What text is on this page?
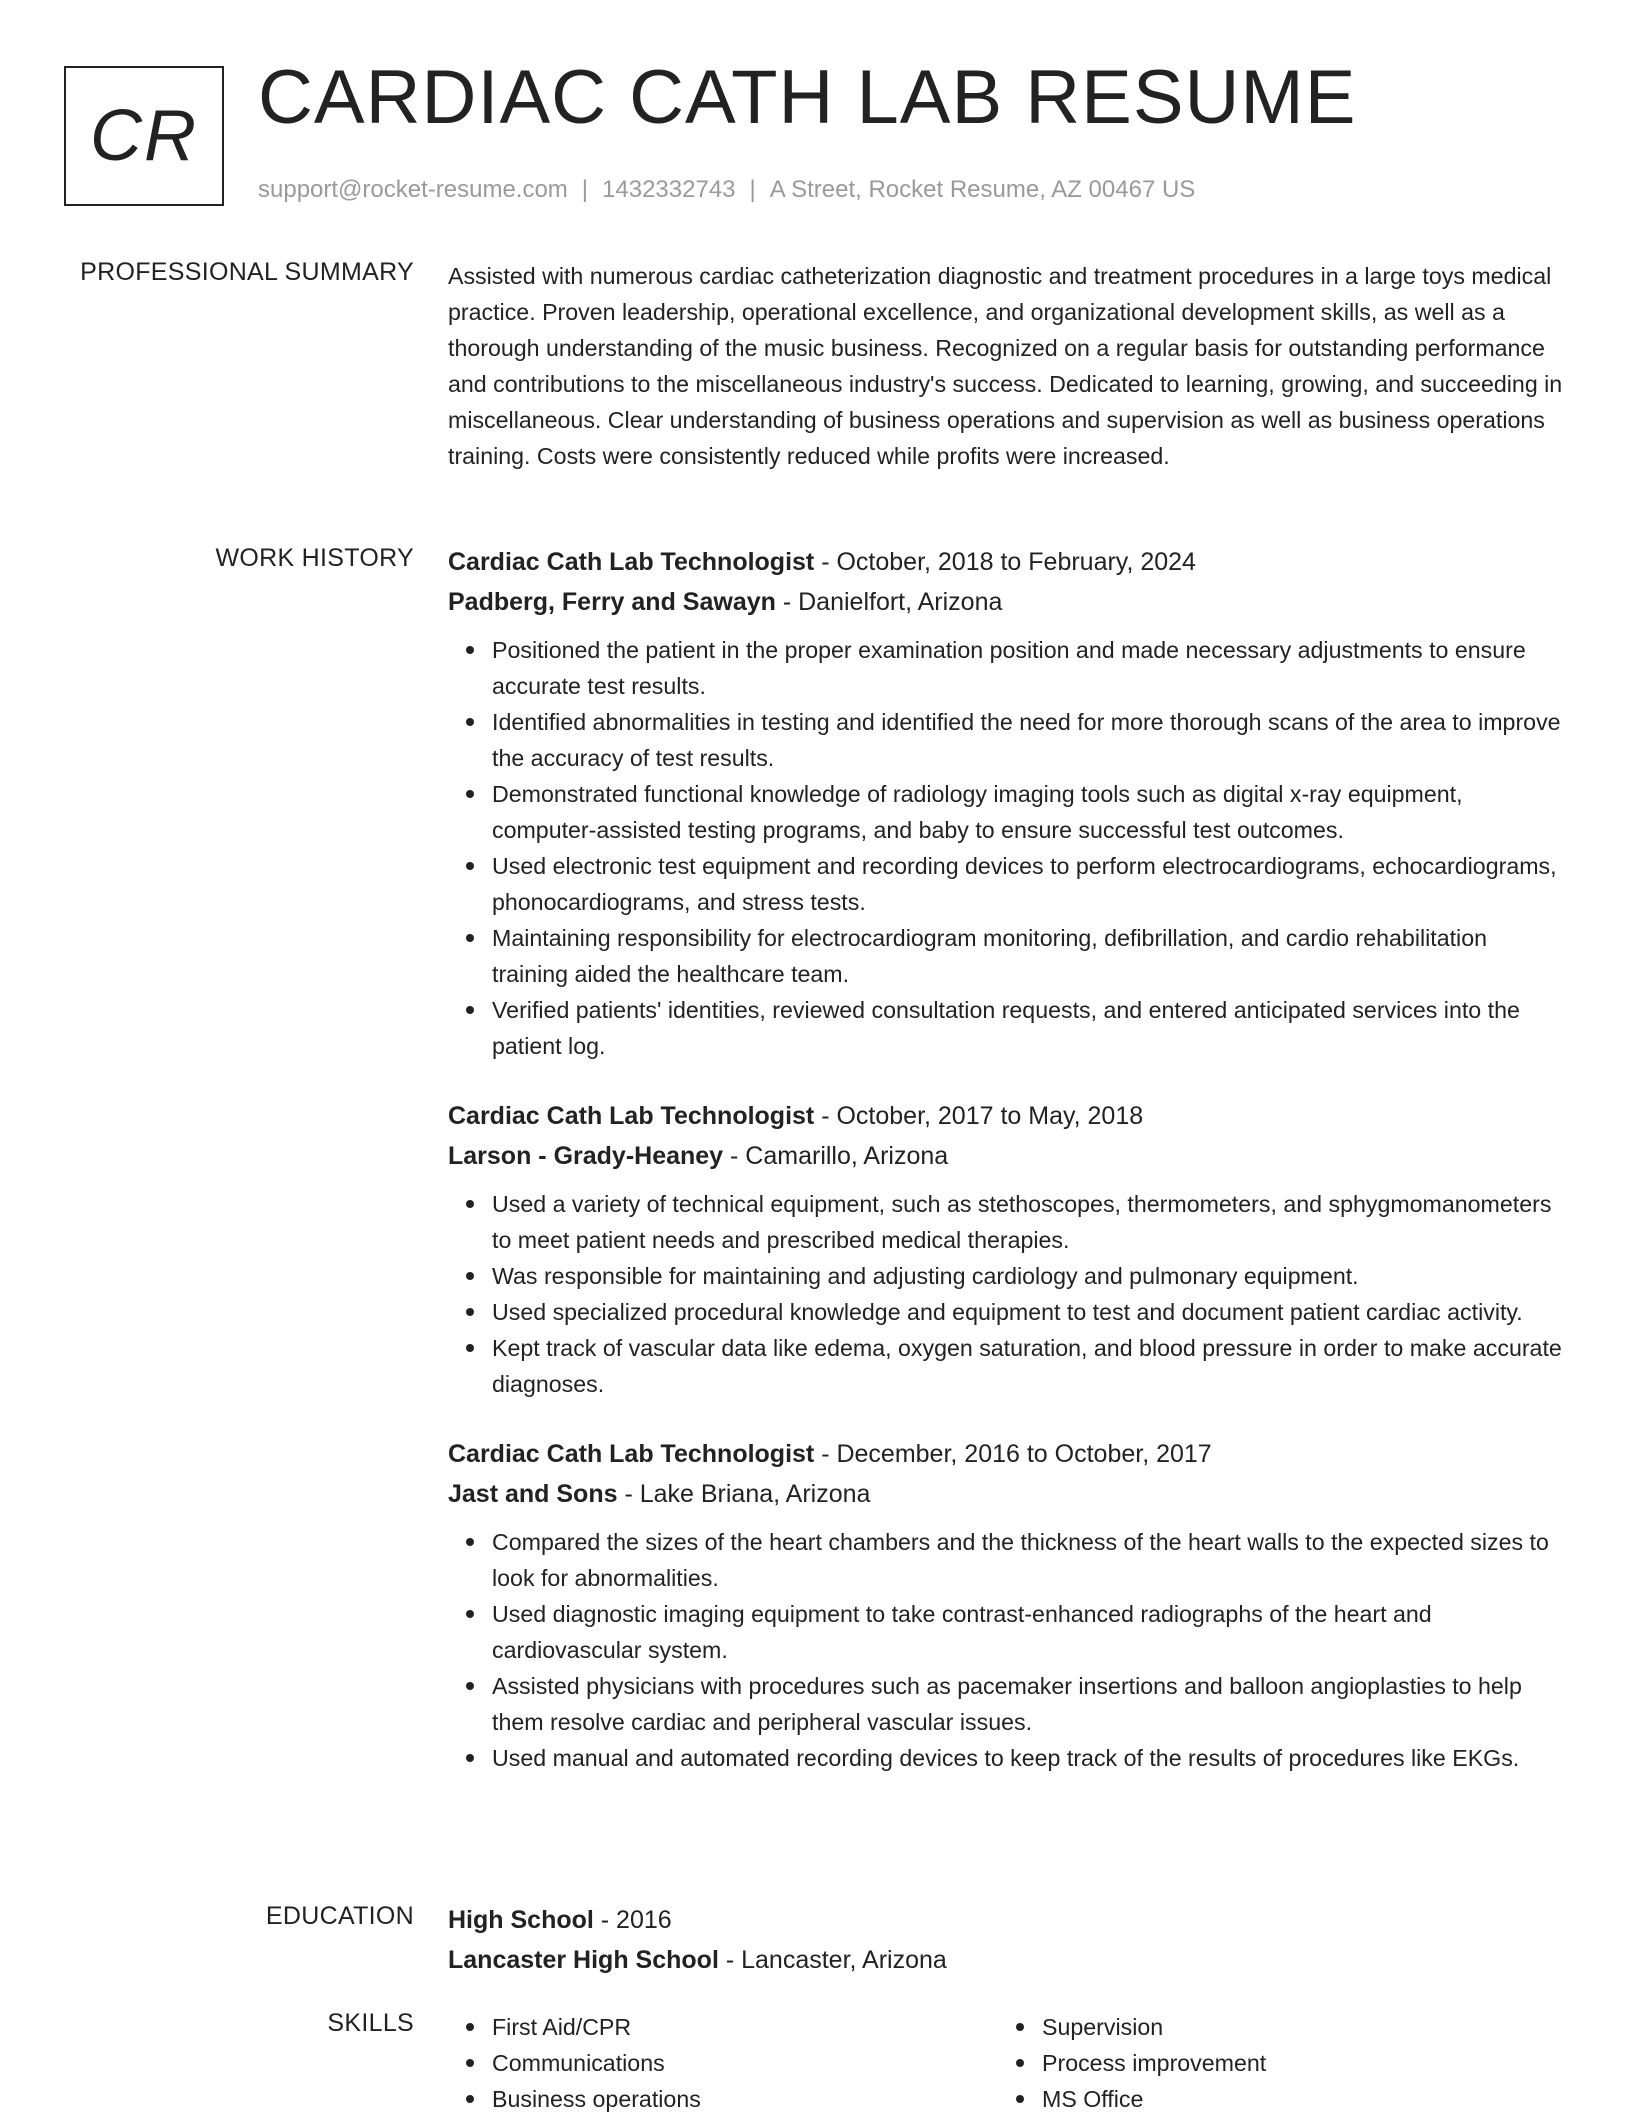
CR CARDIAC CATH LAB RESUME
support@rocket-resume.com | 1432332743 | A Street, Rocket Resume, AZ 00467 US
PROFESSIONAL SUMMARY Assisted with numerous cardiac catheterization diagnostic and treatment procedures in a large toys medical practice. Proven leadership, operational excellence, and organizational development skills, as well as a thorough understanding of the music business. Recognized on a regular basis for outstanding performance and contributions to the miscellaneous industry's success. Dedicated to learning, growing, and succeeding in miscellaneous. Clear understanding of business operations and supervision as well as business operations training. Costs were consistently reduced while profits were increased.

WORK HISTORY Cardiac Cath Lab Technologist - October, 2018 to February, 2024
Padberg, Ferry and Sawayn - Danielfort, Arizona
Positioned the patient in the proper examination position and made necessary adjustments to ensure accurate test results.
Identified abnormalities in testing and identified the need for more thorough scans of the area to improve the accuracy of test results.
Demonstrated functional knowledge of radiology imaging tools such as digital x-ray equipment, computer-assisted testing programs, and baby to ensure successful test outcomes.
Used electronic test equipment and recording devices to perform electrocardiograms, echocardiograms, phonocardiograms, and stress tests.
Maintaining responsibility for electrocardiogram monitoring, defibrillation, and cardio rehabilitation training aided the healthcare team.
Verified patients' identities, reviewed consultation requests, and entered anticipated services into the patient log.
Cardiac Cath Lab Technologist - October, 2017 to May, 2018
Larson - Grady-Heaney - Camarillo, Arizona
Used a variety of technical equipment, such as stethoscopes, thermometers, and sphygmomanometers to meet patient needs and prescribed medical therapies.
Was responsible for maintaining and adjusting cardiology and pulmonary equipment.
Used specialized procedural knowledge and equipment to test and document patient cardiac activity.
Kept track of vascular data like edema, oxygen saturation, and blood pressure in order to make accurate diagnoses.
Cardiac Cath Lab Technologist - December, 2016 to October, 2017
Jast and Sons - Lake Briana, Arizona
Compared the sizes of the heart chambers and the thickness of the heart walls to the expected sizes to look for abnormalities.
Used diagnostic imaging equipment to take contrast-enhanced radiographs of the heart and cardiovascular system.
Assisted physicians with procedures such as pacemaker insertions and balloon angioplasties to help them resolve cardiac and peripheral vascular issues.
Used manual and automated recording devices to keep track of the results of procedures like EKGs.
EDUCATION High School - 2016
Lancaster High School - Lancaster, Arizona
SKILLS	First Aid/CPR
Communications
Business operations
Supervision
Process improvement
MS Office
